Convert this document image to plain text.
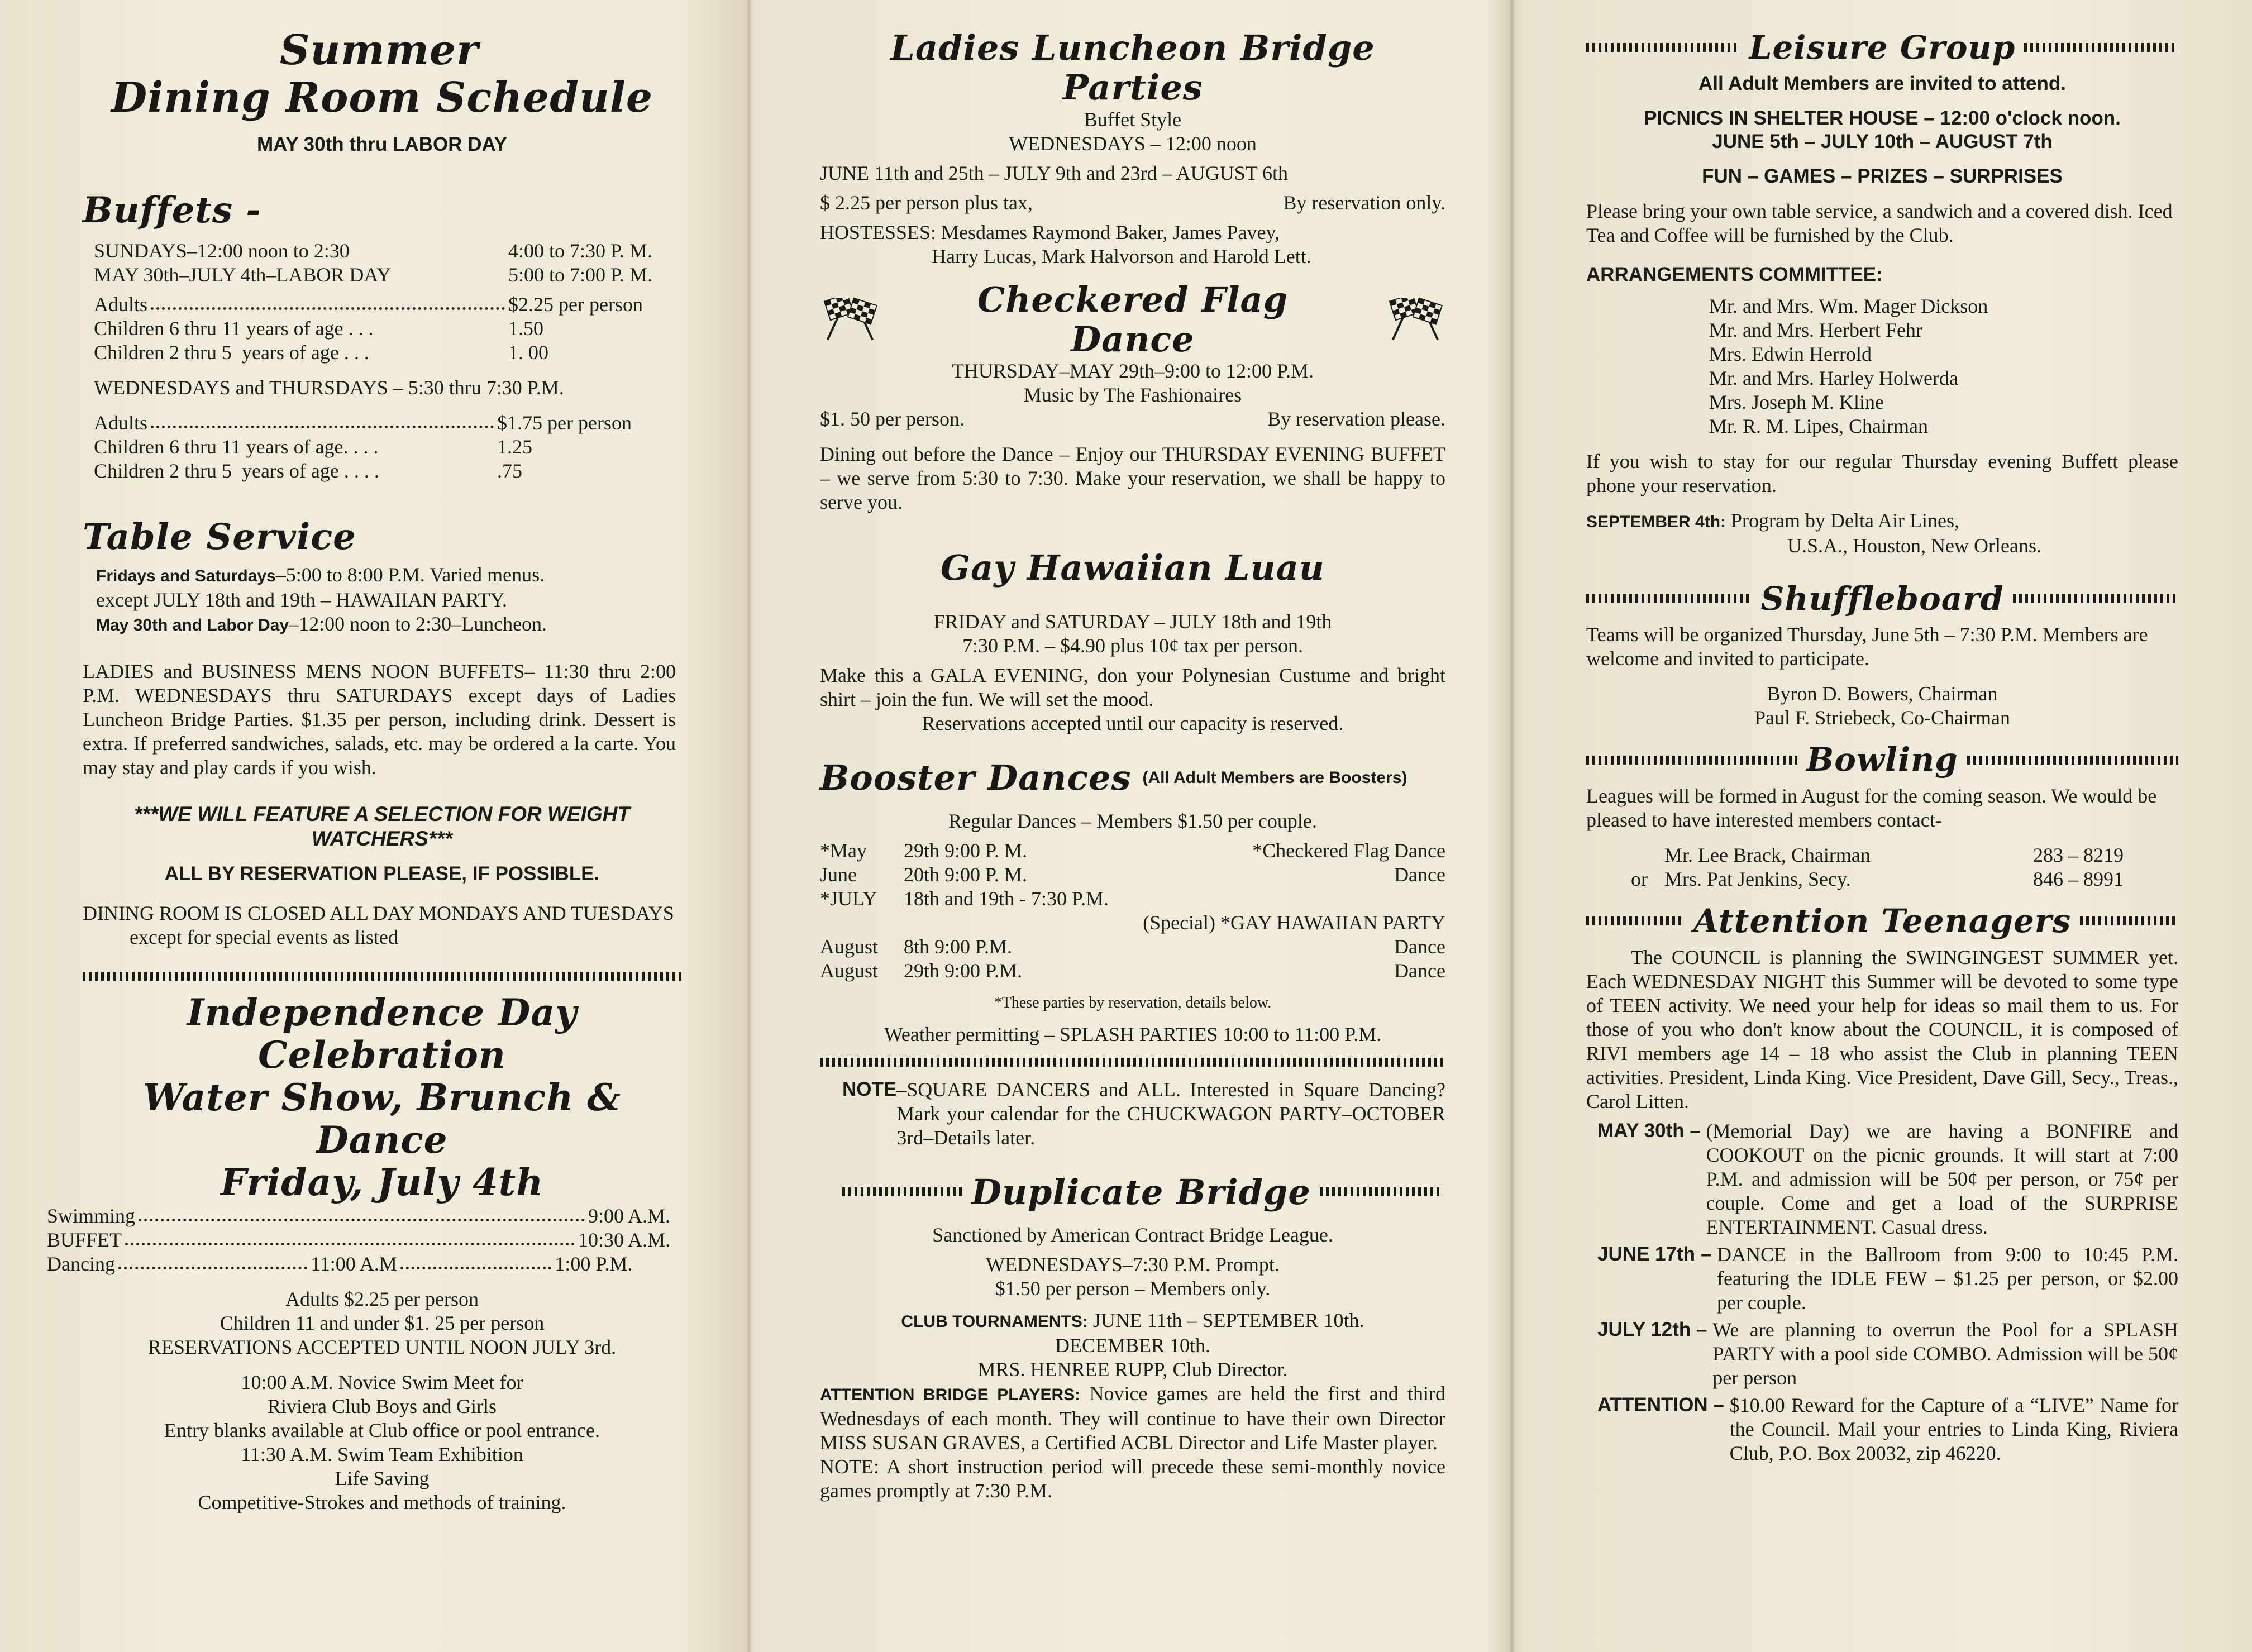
Summer

Dining Room Schedule

MAY 30th thru LABOR DAY

Buffets -

SUNDAYS–12:00 noon to 2:30	4:00 to 7:30 P. M.
MAY 30th–JULY 4th–LABOR DAY	5:00 to 7:00 P. M.
Adults	$2.25 per person
Children 6 thru 11 years of age . . .	1.50
Children 2 thru 5  years of age . . .	1. 00

WEDNESDAYS and THURSDAYS – 5:30 thru 7:30 P.M.

Adults	$1.75 per person
Children 6 thru 11 years of age. . . .	1.25
Children 2 thru 5  years of age . . . .	.75

Table Service

Fridays and Saturdays–5:00 to 8:00 P.M. Varied menus.

except JULY 18th and 19th – HAWAIIAN PARTY.

May 30th and Labor Day–12:00 noon to 2:30–Luncheon.

LADIES and BUSINESS MENS NOON BUFFETS– 11:30 thru 2:00 P.M. WEDNESDAYS thru SATURDAYS except days of Ladies Luncheon Bridge Parties. $1.35 per person, including drink. Dessert is extra. If preferred sandwiches, salads, etc. may be ordered a la carte. You may stay and play cards if you wish.

***WE WILL FEATURE A SELECTION FOR WEIGHT WATCHERS***

ALL BY RESERVATION PLEASE, IF POSSIBLE.

DINING ROOM IS CLOSED ALL DAY MONDAYS AND TUESDAYS

except for special events as listed

Independence Day Celebration

Water Show, Brunch & Dance

Friday, July 4th

Swimming	9:00 A.M.
BUFFET	10:30 A.M.
Dancing	11:00 A.M	1:00 P.M.

Adults $2.25 per person

Children 11 and under $1. 25 per person

RESERVATIONS ACCEPTED UNTIL NOON JULY 3rd.

10:00 A.M. Novice Swim Meet for

Riviera Club Boys and Girls

Entry blanks available at Club office or pool entrance.

11:30 A.M. Swim Team Exhibition

Life Saving

Competitive-Strokes and methods of training.

Ladies Luncheon Bridge Parties

Buffet Style

WEDNESDAYS – 12:00 noon

JUNE 11th and 25th – JULY 9th and 23rd – AUGUST 6th

$ 2.25 per person plus tax,	By reservation only.

HOSTESSES: Mesdames Raymond Baker, James Pavey,

Harry Lucas, Mark Halvorson and Harold Lett.

Checkered Flag Dance

THURSDAY–MAY 29th–9:00 to 12:00 P.M.

Music by The Fashionaires

$1. 50 per person.	By reservation please.

Dining out before the Dance – Enjoy our THURSDAY EVENING BUFFET – we serve from 5:30 to 7:30. Make your reservation, we shall be happy to serve you.

Gay Hawaiian Luau

FRIDAY and SATURDAY – JULY 18th and 19th

7:30 P.M. – $4.90 plus 10¢ tax per person.

Make this a GALA EVENING, don your Polynesian Custume and bright shirt – join the fun. We will set the mood.

Reservations accepted until our capacity is reserved.

Booster Dances (All Adult Members are Boosters)

Regular Dances – Members $1.50 per couple.

*May	29th 9:00 P. M.	*Checkered Flag Dance
June	20th 9:00 P. M.	Dance
*JULY	18th and 19th - 7:30 P.M.
(Special) *GAY HAWAIIAN PARTY
August	8th 9:00 P.M.	Dance
August	29th 9:00 P.M.	Dance

*These parties by reservation, details below.

Weather permitting – SPLASH PARTIES 10:00 to 11:00 P.M.

NOTE –SQUARE DANCERS and ALL. Interested in Square Dancing? Mark your calendar for the CHUCKWAGON PARTY–OCTOBER 3rd–Details later.

Duplicate Bridge

Sanctioned by American Contract Bridge League.

WEDNESDAYS–7:30 P.M. Prompt.

$1.50 per person – Members only.

CLUB TOURNAMENTS: JUNE 11th – SEPTEMBER 10th.

DECEMBER 10th.

MRS. HENREE RUPP, Club Director.

ATTENTION BRIDGE PLAYERS: Novice games are held the first and third Wednesdays of each month. They will continue to have their own Director MISS SUSAN GRAVES, a Certified ACBL Director and Life Master player.

NOTE: A short instruction period will precede these semi-monthly novice games promptly at 7:30 P.M.

Leisure Group

All Adult Members are invited to attend.

PICNICS IN SHELTER HOUSE – 12:00 o'clock noon.

JUNE 5th – JULY 10th – AUGUST 7th

FUN – GAMES – PRIZES – SURPRISES

Please bring your own table service, a sandwich and a covered dish. Iced Tea and Coffee will be furnished by the Club.

ARRANGEMENTS COMMITTEE:

Mr. and Mrs. Wm. Mager Dickson

Mr. and Mrs. Herbert Fehr

Mrs. Edwin Herrold

Mr. and Mrs. Harley Holwerda

Mrs. Joseph M. Kline

Mr. R. M. Lipes, Chairman

If you wish to stay for our regular Thursday evening Buffett please phone your reservation.

SEPTEMBER 4th: Program by Delta Air Lines,

U.S.A., Houston, New Orleans.

Shuffleboard

Teams will be organized Thursday, June 5th – 7:30 P.M. Members are welcome and invited to participate.

Byron D. Bowers, Chairman

Paul F. Striebeck, Co-Chairman

Bowling

Leagues will be formed in August for the coming season. We would be pleased to have interested members contact-

Mr. Lee Brack, Chairman	283 – 8219
or Mrs. Pat Jenkins, Secy.	846 – 8991

Attention Teenagers

The COUNCIL is planning the SWINGINGEST SUMMER yet. Each WEDNESDAY NIGHT this Summer will be devoted to some type of TEEN activity. We need your help for ideas so mail them to us. For those of you who don't know about the COUNCIL, it is composed of RIVI members age 14 – 18 who assist the Club in planning TEEN activities. President, Linda King. Vice President, Dave Gill, Secy., Treas., Carol Litten.

MAY 30th – (Memorial Day) we are having a BONFIRE and COOKOUT on the picnic grounds. It will start at 7:00 P.M. and admission will be 50¢ per person, or 75¢ per couple. Come and get a load of the SURPRISE ENTERTAINMENT. Casual dress.
JUNE 17th – DANCE in the Ballroom from 9:00 to 10:45 P.M. featuring the IDLE FEW – $1.25 per person, or $2.00 per couple.
JULY 12th – We are planning to overrun the Pool for a SPLASH PARTY with a pool side COMBO. Admission will be 50¢ per person
ATTENTION – $10.00 Reward for the Capture of a “LIVE” Name for the Council. Mail your entries to Linda King, Riviera Club, P.O. Box 20032, zip 46220.
